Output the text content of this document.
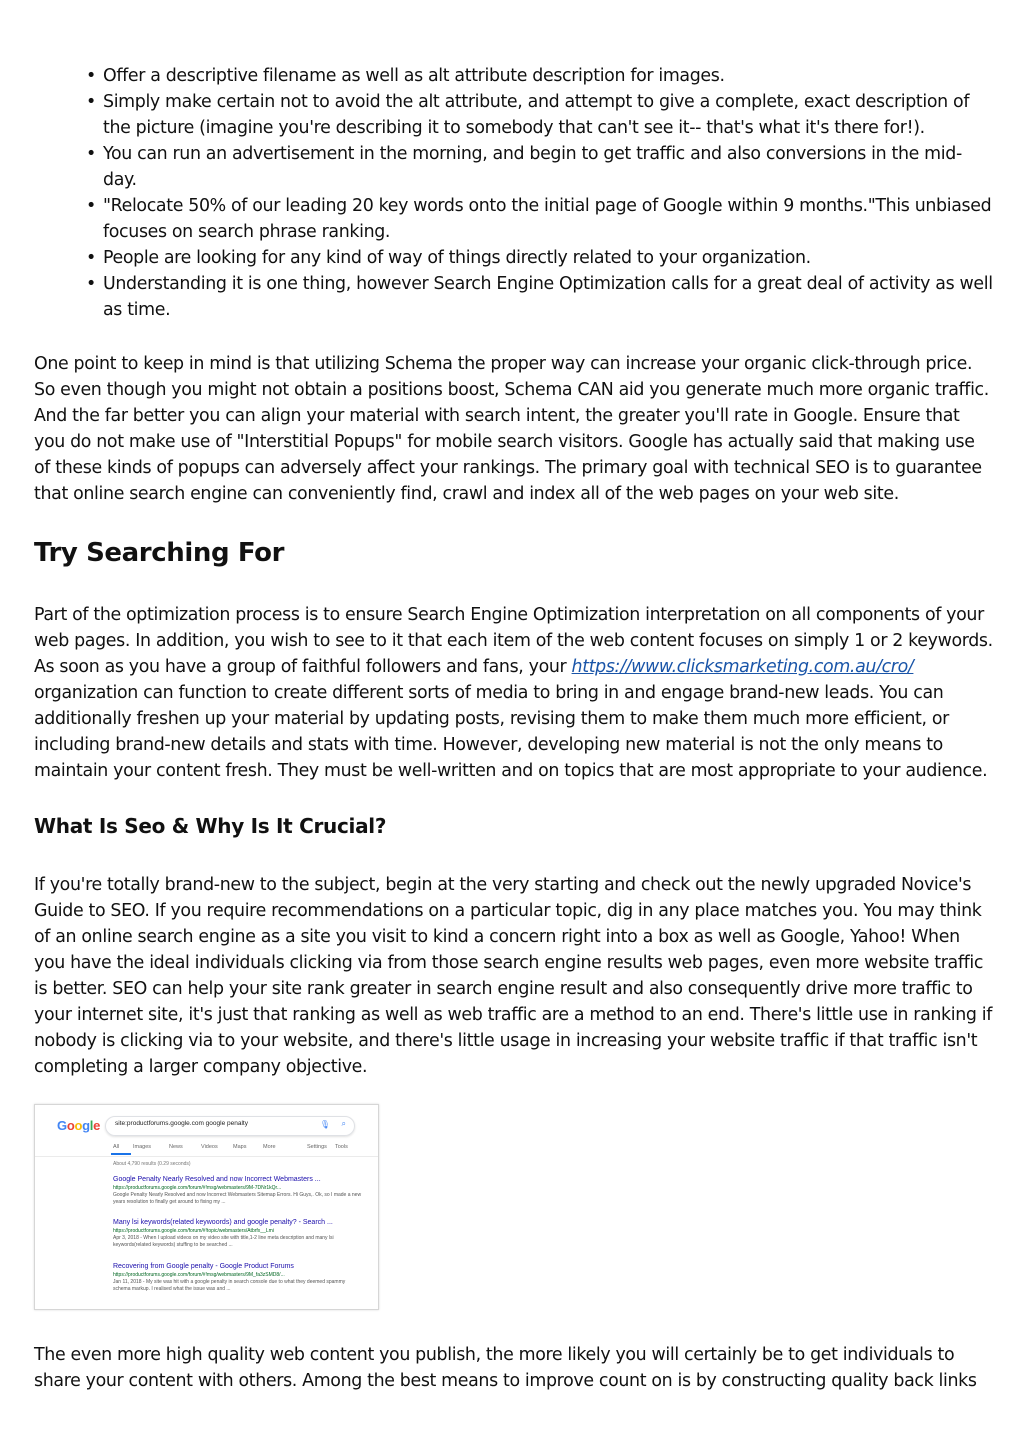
• Offer a descriptive filename as well as alt attribute description for images.
• Simply make certain not to avoid the alt attribute, and attempt to give a complete, exact description of the picture (imagine you're describing it to somebody that can't see it-- that's what it's there for!).
• You can run an advertisement in the morning, and begin to get traffic and also conversions in the mid-day.
• "Relocate 50% of our leading 20 key words onto the initial page of Google within 9 months."This unbiased focuses on search phrase ranking.
• People are looking for any kind of way of things directly related to your organization.
• Understanding it is one thing, however Search Engine Optimization calls for a great deal of activity as well as time.

One point to keep in mind is that utilizing Schema the proper way can increase your organic click-through price. So even though you might not obtain a positions boost, Schema CAN aid you generate much more organic traffic. And the far better you can align your material with search intent, the greater you'll rate in Google. Ensure that you do not make use of "Interstitial Popups" for mobile search visitors. Google has actually said that making use of these kinds of popups can adversely affect your rankings. The primary goal with technical SEO is to guarantee that online search engine can conveniently find, crawl and index all of the web pages on your web site.

Try Searching For

Part of the optimization process is to ensure Search Engine Optimization interpretation on all components of your web pages. In addition, you wish to see to it that each item of the web content focuses on simply 1 or 2 keywords. As soon as you have a group of faithful followers and fans, your https://www.clicksmarketing.com.au/cro/ organization can function to create different sorts of media to bring in and engage brand-new leads. You can additionally freshen up your material by updating posts, revising them to make them much more efficient, or including brand-new details and stats with time. However, developing new material is not the only means to maintain your content fresh. They must be well-written and on topics that are most appropriate to your audience.

What Is Seo & Why Is It Crucial?

If you're totally brand-new to the subject, begin at the very starting and check out the newly upgraded Novice's Guide to SEO. If you require recommendations on a particular topic, dig in any place matches you. You may think of an online search engine as a site you visit to kind a concern right into a box as well as Google, Yahoo! When you have the ideal individuals clicking via from those search engine results web pages, even more website traffic is better. SEO can help your site rank greater in search engine result and also consequently drive more traffic to your internet site, it's just that ranking as well as web traffic are a method to an end. There's little use in ranking if nobody is clicking via to your website, and there's little usage in increasing your website traffic if that traffic isn't completing a larger company objective.

Google site:productforums.google.com google penalty	🎙 ⌕
All	Images	News	Videos	Maps	More	Settings Tools
About 4,790 results (0.29 seconds)
Google Penalty Nearly Resolved and now Incorrect Webmasters ...
https://productforums.google.com/forum/#!msg/webmasters/9M-7DNr1kQr...
Google Penalty Nearly Resolved and now Incorrect Webmasters Sitemap Errors. Hi Guys,. Ok, so I made a new years resolution to finally get around to fixing my ...
Many lsi keywords(related keywoords) and google penalty? - Search ...
https://productforums.google.com/forum/#!topic/webmasters/Atbrfx__Lmi
Apr 3, 2018 - When I upload videos on my video site with title,1-2 line meta description and many lsi keywords(related keywords) stuffing to be searched ...
Recovering from Google penalty - Google Product Forums
https://productforums.google.com/forum/#!msg/webmasters/9M_fa3zSMD8/...
Jan 11, 2018 - My site was hit with a google penalty in search console due to what they deemed spammy schema markup. I realised what the issue was and ...

The even more high quality web content you publish, the more likely you will certainly be to get individuals to share your content with others. Among the best means to improve count on is by constructing quality back links
